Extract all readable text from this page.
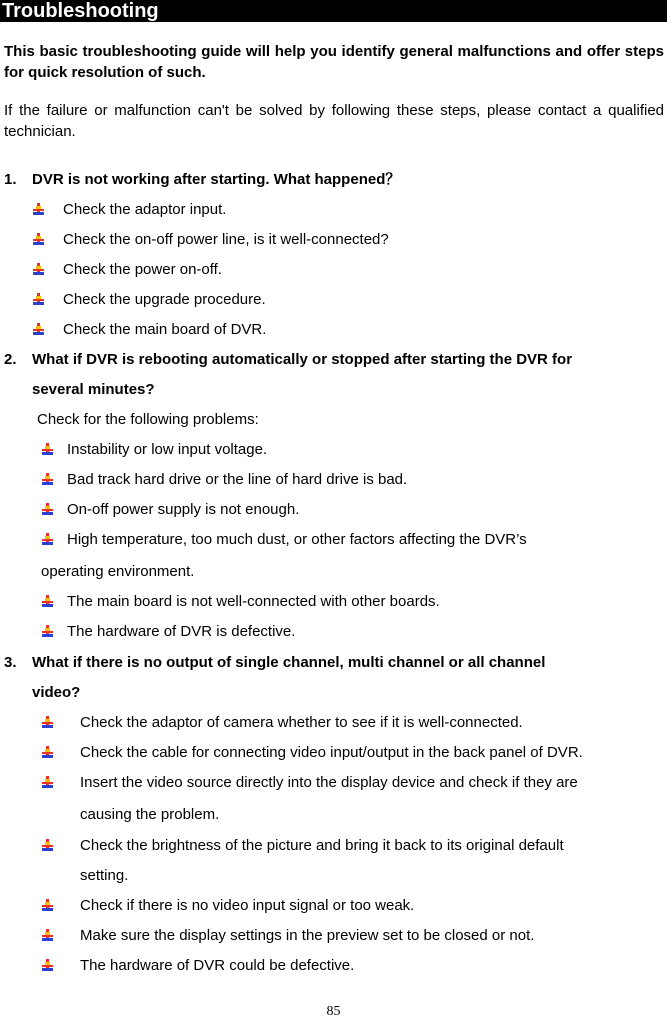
Troubleshooting
This basic troubleshooting guide will help you identify general malfunctions and offer steps for quick resolution of such.
If the failure or malfunction can't be solved by following these steps, please contact a qualified technician.
1. DVR is not working after starting. What happened？
Check the adaptor input.
Check the on-off power line, is it well-connected?
Check the power on-off.
Check the upgrade procedure.
Check the main board of DVR.
2. What if DVR is rebooting automatically or stopped after starting the DVR for
several minutes?
Check for the following problems:
Instability or low input voltage.
Bad track hard drive or the line of hard drive is bad.
On-off power supply is not enough.
High temperature, too much dust, or other factors affecting the DVR’s
operating environment.
The main board is not well-connected with other boards.
The hardware of DVR is defective.
3. What if there is no output of single channel, multi channel or all channel
video?
Check the adaptor of camera whether to see if it is well-connected.
Check the cable for connecting video input/output in the back panel of DVR.
Insert the video source directly into the display device and check if they are
causing the problem.
Check the brightness of the picture and bring it back to its original default
setting.
Check if there is no video input signal or too weak.
Make sure the display settings in the preview set to be closed or not.
The hardware of DVR could be defective.
85
